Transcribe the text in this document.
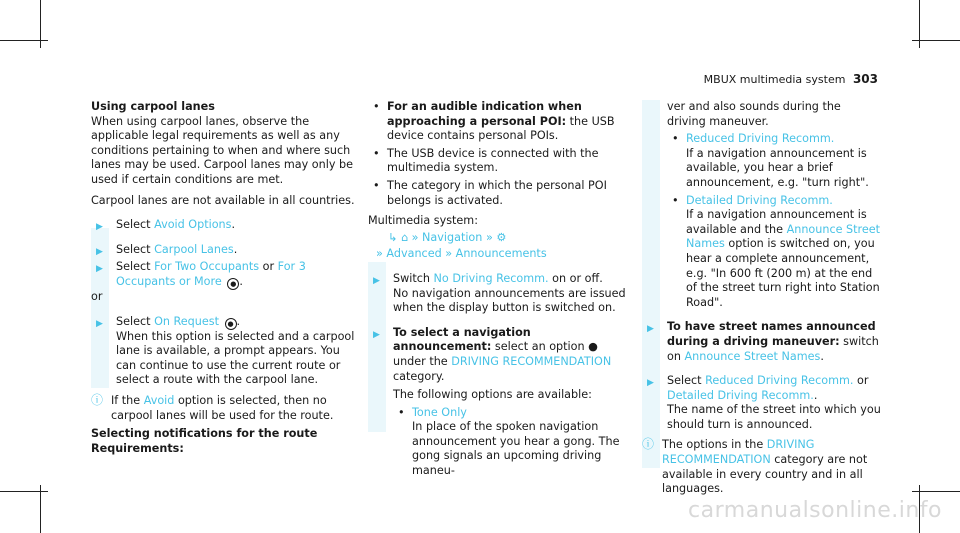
MBUX multimedia system 303

Using carpool lanes

When using carpool lanes, observe the applicable legal requirements as well as any conditions pertaining to when and where such lanes may be used. Carpool lanes may only be used if certain conditions are met.

Carpool lanes are not available in all countries.

▶ Select Avoid Options.
▶ Select Carpool Lanes.
▶ Select For Two Occupants or For 3 Occupants or More ● .

or

▶ Select On Request ● .

When this option is selected and a carpool lane is available, a prompt appears. You can continue to use the current route or select a route with the carpool lane.

ⓘ If the Avoid option is selected, then no carpool lanes will be used for the route.

Selecting notifications for the route

Requirements:

• For an audible indication when approaching a personal POI: the USB device contains personal POIs.
• The USB device is connected with the multimedia system.
• The category in which the personal POI belongs is activated.

Multimedia system:

↳ ⌂ » Navigation » ⚙
» Advanced » Announcements
▶ Switch No Driving Recomm. on or off.

No navigation announcements are issued when the display button is switched on.

▶ To select a navigation announcement: select an option ● under the DRIVING RECOMMENDATION category.

The following options are available:

• Tone Only

In place of the spoken navigation announcement you hear a gong. The gong signals an upcoming driving maneu-

ver and also sounds during the driving maneuver.

• Reduced Driving Recomm.

If a navigation announcement is available, you hear a brief announcement, e.g. "turn right".

• Detailed Driving Recomm.

If a navigation announcement is available and the Announce Street Names option is switched on, you hear a complete announcement, e.g. "In 600 ft (200 m) at the end of the street turn right into Station Road".

▶ To have street names announced during a driving maneuver: switch on Announce Street Names.
▶ Select Reduced Driving Recomm. or Detailed Driving Recomm..

The name of the street into which you should turn is announced.

ⓘ The options in the DRIVING RECOMMENDATION category are not available in every country and in all languages.
carmanualsonline.info
